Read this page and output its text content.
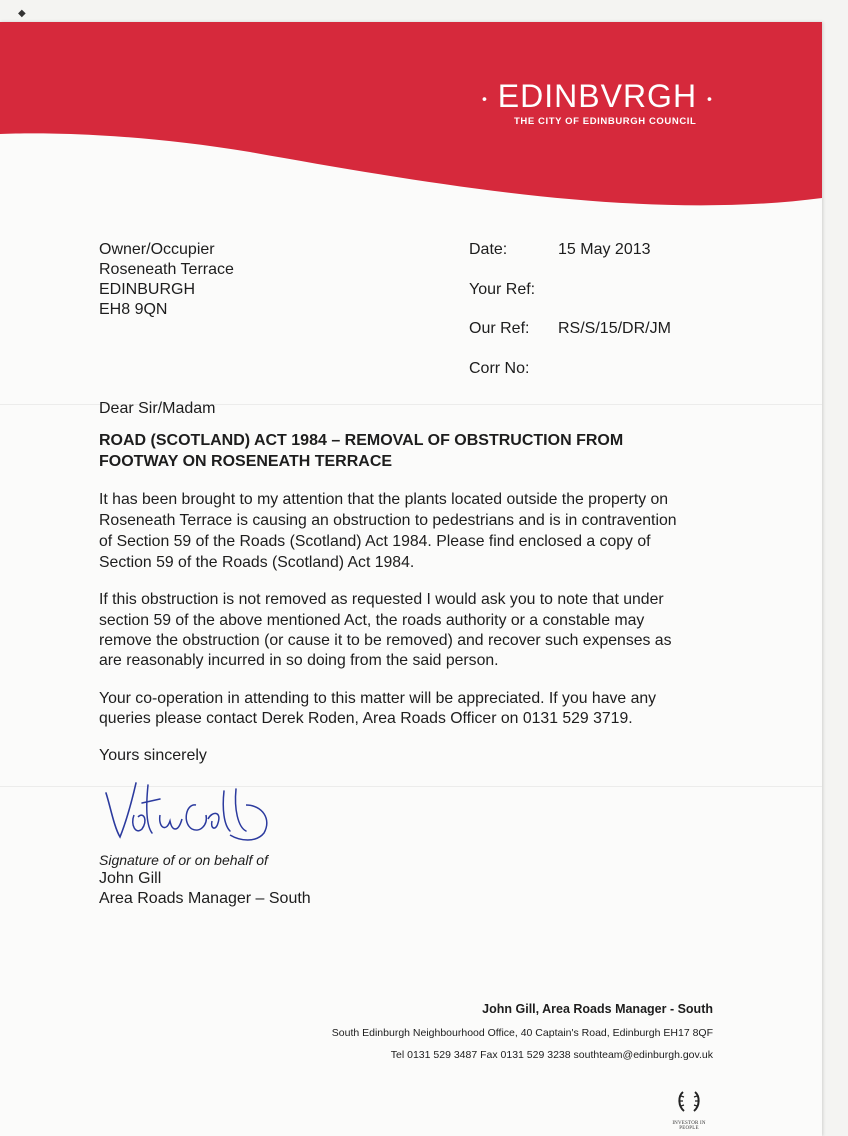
◆
• EDINBVRGH •
THE CITY OF EDINBURGH COUNCIL
Owner/Occupier
Roseneath Terrace
EDINBURGH
EH8 9QN
Date:	15 May 2013
Your Ref:
Our Ref: RS/S/15/DR/JM
Corr No:
Dear Sir/Madam
ROAD (SCOTLAND) ACT 1984 – REMOVAL OF OBSTRUCTION FROM
FOOTWAY ON ROSENEATH TERRACE
It has been brought to my attention that the plants located outside the property on
Roseneath Terrace is causing an obstruction to pedestrians and is in contravention
of Section 59 of the Roads (Scotland) Act 1984. Please find enclosed a copy of
Section 59 of the Roads (Scotland) Act 1984.
If this obstruction is not removed as requested I would ask you to note that under
section 59 of the above mentioned Act, the roads authority or a constable may
remove the obstruction (or cause it to be removed) and recover such expenses as
are reasonably incurred in so doing from the said person.
Your co-operation in attending to this matter will be appreciated. If you have any
queries please contact Derek Roden, Area Roads Officer on 0131 529 3719.
Yours sincerely
Signature of or on behalf of
John Gill
Area Roads Manager – South
John Gill, Area Roads Manager - South
South Edinburgh Neighbourhood Office, 40 Captain's Road, Edinburgh EH17 8QF
Tel 0131 529 3487 Fax 0131 529 3238 southteam@edinburgh.gov.uk
INVESTOR IN PEOPLE
